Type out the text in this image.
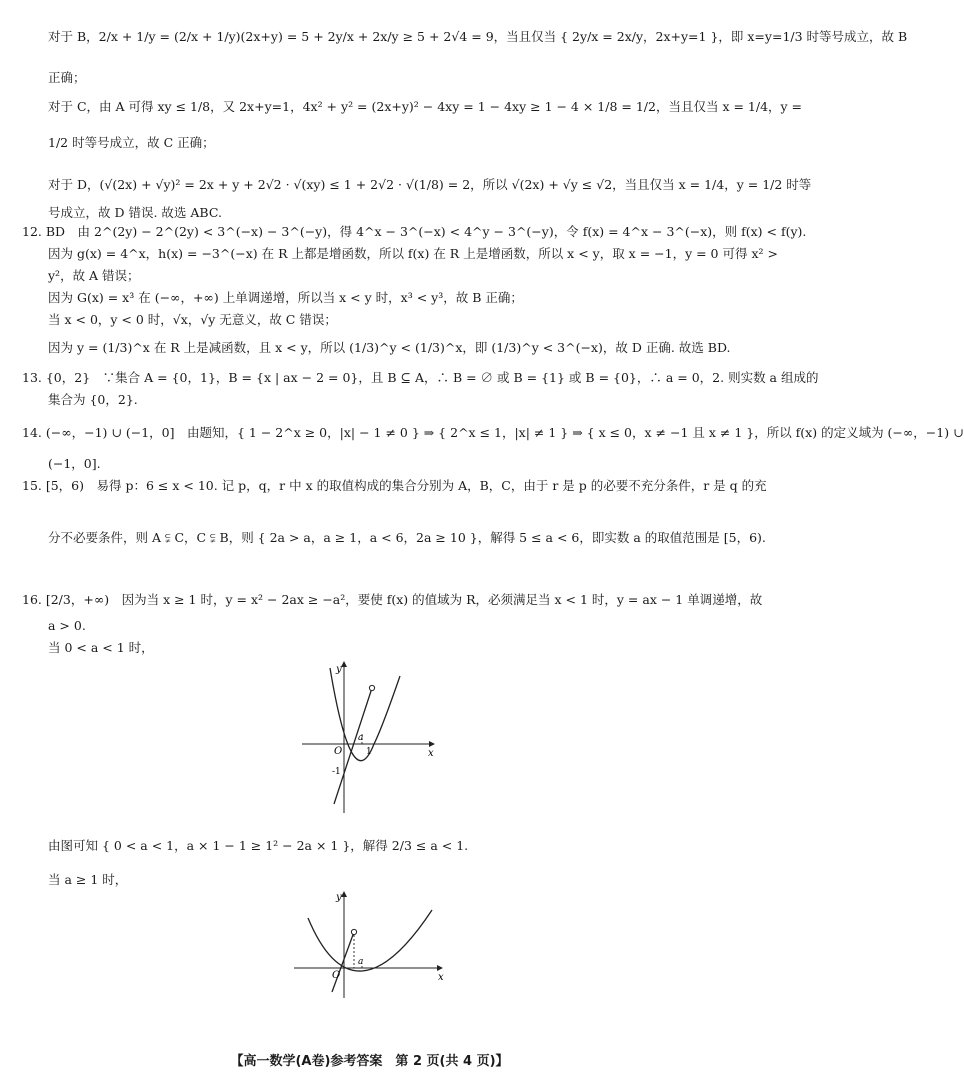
对于 B，2/x + 1/y = (2/x + 1/y)(2x+y) = 5 + 2y/x + 2x/y ≥ 5 + 2√4 = 9，当且仅当 { 2y/x = 2x/y，2x+y=1 }，即 x=y=1/3 时等号成立，故 B
正确；
对于 C，由 A 可得 xy ≤ 1/8，又 2x+y=1，4x² + y² = (2x+y)² − 4xy = 1 − 4xy ≥ 1 − 4 × 1/8 = 1/2，当且仅当 x = 1/4，y =
1/2 时等号成立，故 C 正确；
对于 D，(√(2x) + √y)² = 2x + y + 2√2 · √(xy) ≤ 1 + 2√2 · √(1/8) = 2，所以 √(2x) + √y ≤ √2，当且仅当 x = 1/4，y = 1/2 时等
号成立，故 D 错误. 故选 ABC.
12. BD　由 2^(2y) − 2^(2y) < 3^(−x) − 3^(−y)，得 4^x − 3^(−x) < 4^y − 3^(−y)，令 f(x) = 4^x − 3^(−x)，则 f(x) < f(y).
因为 g(x) = 4^x，h(x) = −3^(−x) 在 R 上都是增函数，所以 f(x) 在 R 上是增函数，所以 x < y，取 x = −1，y = 0 可得 x² >
y²，故 A 错误；
因为 G(x) = x³ 在 (−∞，+∞) 上单调递增，所以当 x < y 时，x³ < y³，故 B 正确；
当 x < 0，y < 0 时，√x，√y 无意义，故 C 错误；
因为 y = (1/3)^x 在 R 上是减函数，且 x < y，所以 (1/3)^y < (1/3)^x，即 (1/3)^y < 3^(−x)，故 D 正确. 故选 BD.
13. {0，2}　∵集合 A = {0，1}，B = {x | ax − 2 = 0}，且 B ⊆ A，∴ B = ∅ 或 B = {1} 或 B = {0}，∴ a = 0，2. 则实数 a 组成的
集合为 {0，2}.
14. (−∞，−1) ∪ (−1，0]　由题知，{ 1 − 2^x ≥ 0，|x| − 1 ≠ 0 } ⇒ { 2^x ≤ 1，|x| ≠ 1 } ⇒ { x ≤ 0，x ≠ −1 且 x ≠ 1 }，所以 f(x) 的定义域为 (−∞，−1) ∪
(−1，0].
15. [5，6)　易得 p：6 ≤ x < 10. 记 p，q，r 中 x 的取值构成的集合分别为 A，B，C，由于 r 是 p 的必要不充分条件，r 是 q 的充
分不必要条件，则 A ⫋ C，C ⫋ B，则 { 2a > a，a ≥ 1，a < 6，2a ≥ 10 }，解得 5 ≤ a < 6，即实数 a 的取值范围是 [5，6).
16. [2/3，+∞)　因为当 x ≥ 1 时，y = x² − 2ax ≥ −a²，要使 f(x) 的值域为 R，必须满足当 x < 1 时，y = ax − 1 单调递增，故
a > 0.
当 0 < a < 1 时，
y
x
O
a
1
-1
由图可知 { 0 < a < 1，a × 1 − 1 ≥ 1² − 2a × 1 }，解得 2/3 ≤ a < 1.
当 a ≥ 1 时，
y
x
O
a
【高一数学(A卷)参考答案　第 2 页(共 4 页)】
